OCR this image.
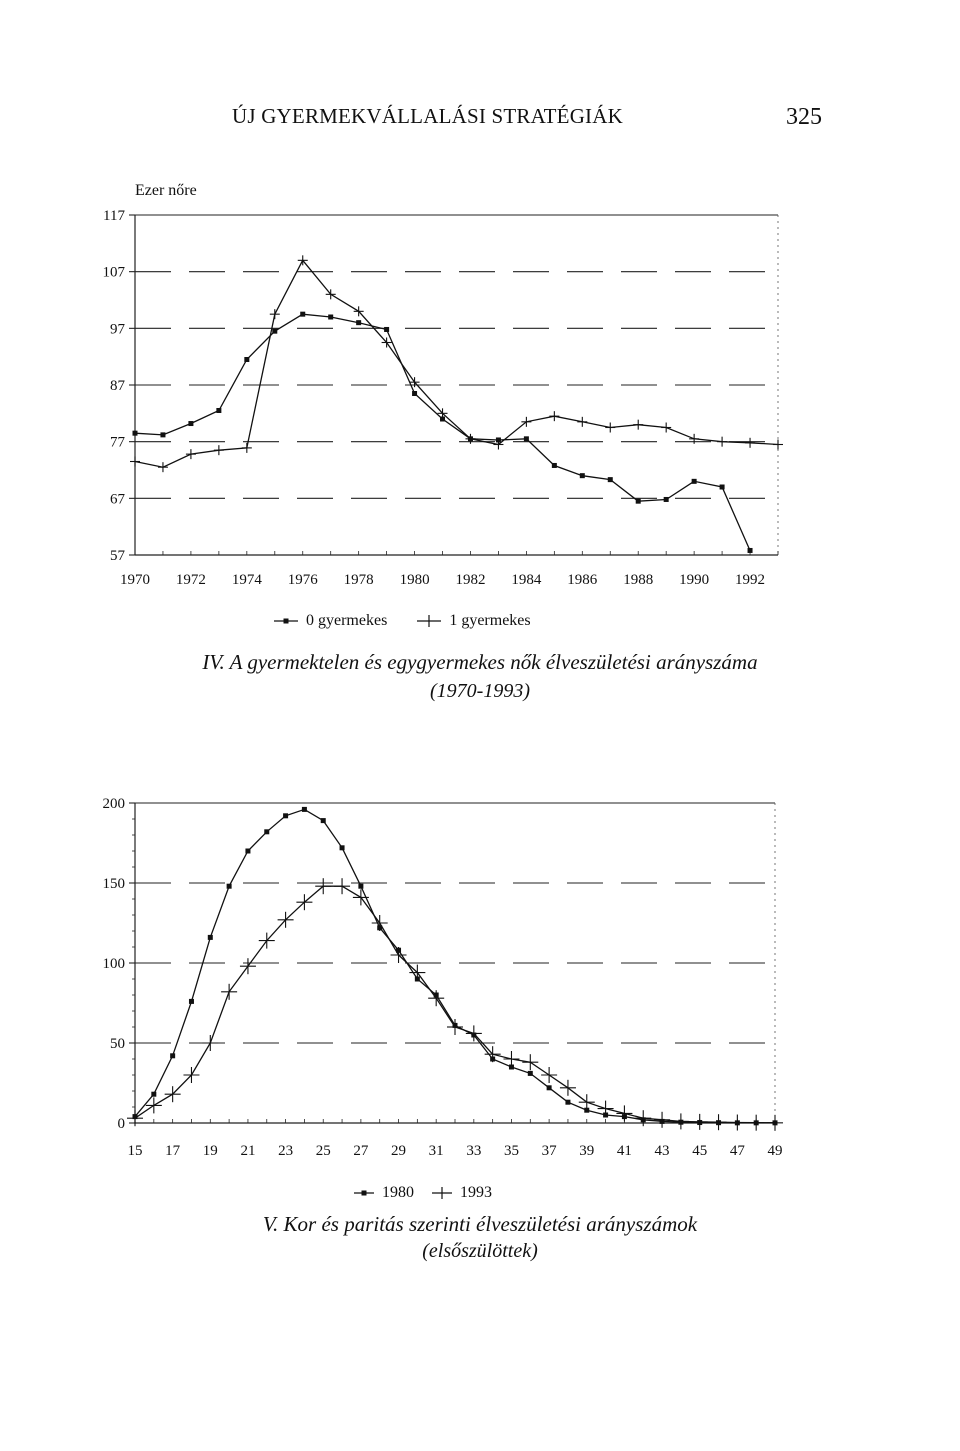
ÚJ GYERMEKVÁLLALÁSI STRATÉGIÁK	325
Ezer nőre
57
67
77
87
97
107
117
1970 1972 1974 1976 1978 1980 1982 1984 1986 1988 1990 1992
0 gyermekes	1 gyermekes
IV. A gyermektelen és egygyermekes nők élveszületési arányszáma
(1970-1993)
0
50
100
150
200
15 17 19 21 23 25 27 29 31 33 35 37 39 41 43 45 47 49
1980	1993
V. Kor és paritás szerinti élveszületési arányszámok
(elsőszülöttek)
